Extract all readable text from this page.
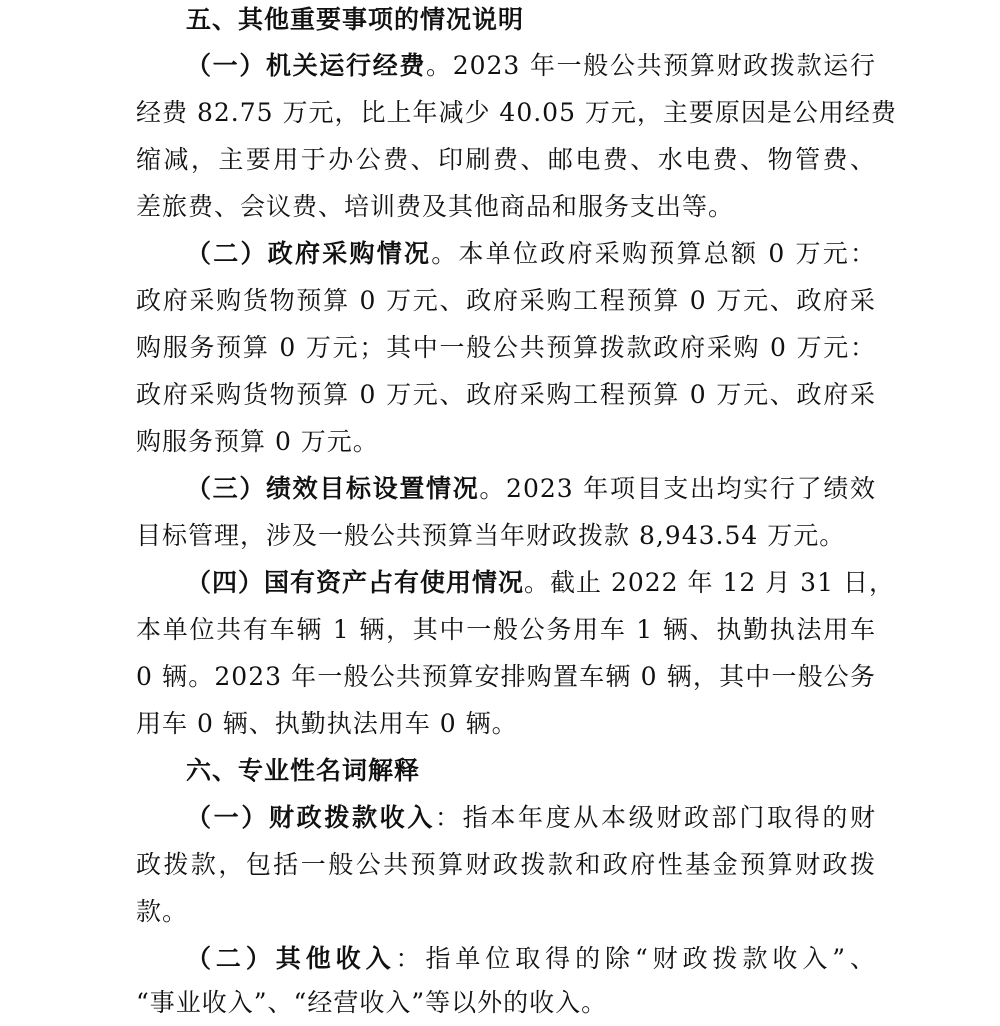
五、其他重要事项的情况说明
（一）机关运行经费。2023 年一般公共预算财政拨款运行
经费 82.75 万元，比上年减少 40.05 万元，主要原因是公用经费
缩减，主要用于办公费、印刷费、邮电费、水电费、物管费、
差旅费、会议费、培训费及其他商品和服务支出等。
（二）政府采购情况。本单位政府采购预算总额 0 万元：
政府采购货物预算 0 万元、政府采购工程预算 0 万元、政府采
购服务预算 0 万元；其中一般公共预算拨款政府采购 0 万元：
政府采购货物预算 0 万元、政府采购工程预算 0 万元、政府采
购服务预算 0 万元。
（三）绩效目标设置情况。2023 年项目支出均实行了绩效
目标管理，涉及一般公共预算当年财政拨款 8,943.54 万元。
（四）国有资产占有使用情况。截止 2022 年 12 月 31 日，
本单位共有车辆 1 辆，其中一般公务用车 1 辆、执勤执法用车
0 辆。2023 年一般公共预算安排购置车辆 0 辆，其中一般公务
用车 0 辆、执勤执法用车 0 辆。
六、专业性名词解释
（一）财政拨款收入：指本年度从本级财政部门取得的财
政拨款，包括一般公共预算财政拨款和政府性基金预算财政拨
款。
（二）其他收入：指单位取得的除“财政拨款收入”、
“事业收入”、“经营收入”等以外的收入。
